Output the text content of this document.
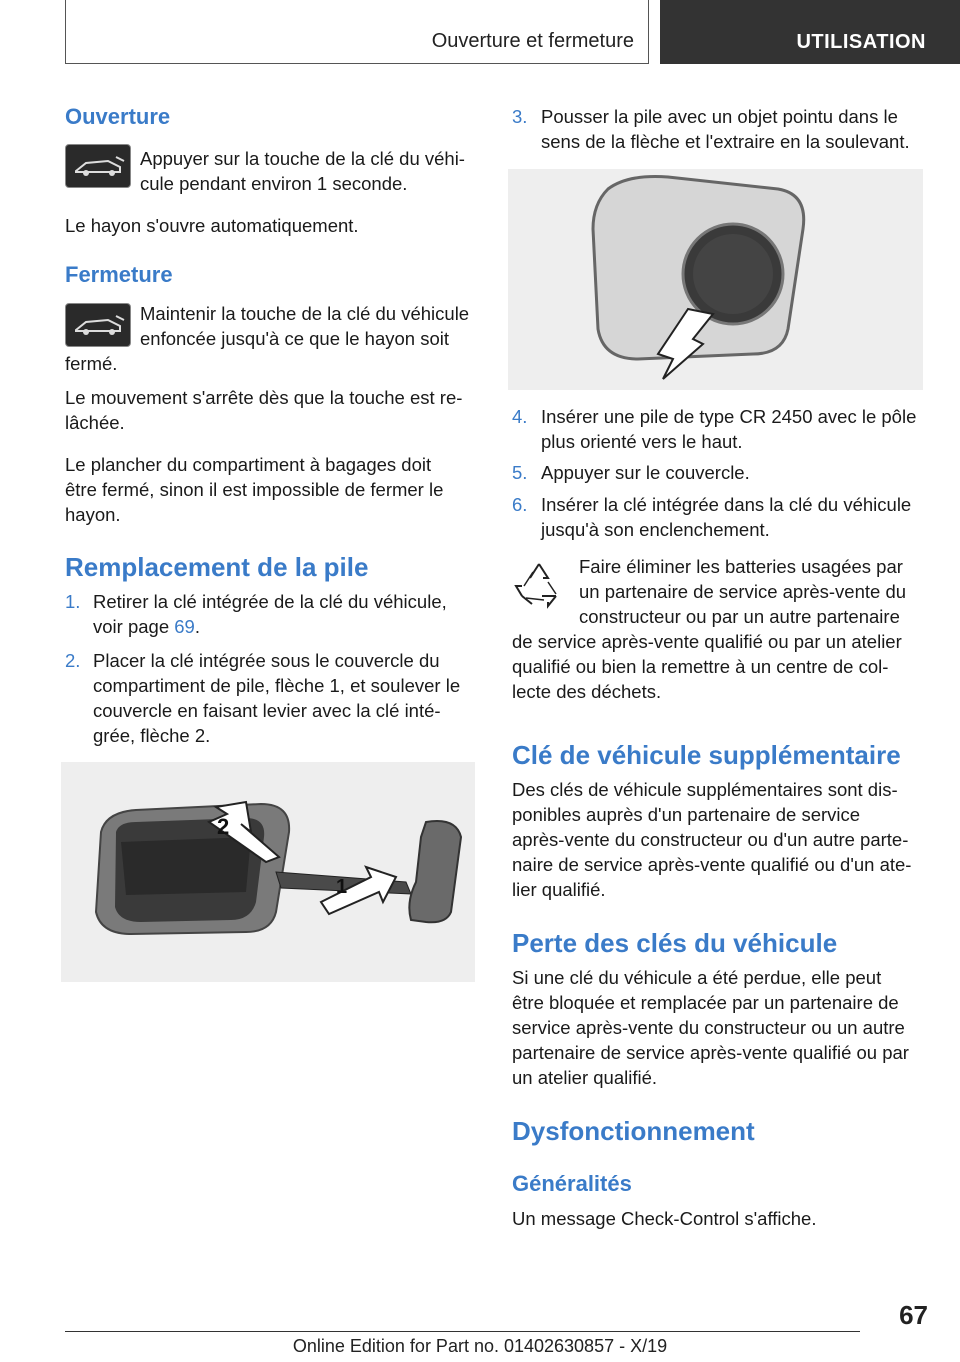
Ouverture et fermeture	UTILISATION
Ouverture
Appuyer sur la touche de la clé du véhi‐
cule pendant environ 1 seconde.
Le hayon s'ouvre automatiquement.
Fermeture
Maintenir la touche de la clé du véhicule
enfoncée jusqu'à ce que le hayon soit
fermé.
Le mouvement s'arrête dès que la touche est re‐
lâchée.
Le plancher du compartiment à bagages doit
être fermé, sinon il est impossible de fermer le
hayon.
Remplacement de la pile
1. Retirer la clé intégrée de la clé du véhicule,
voir page 69.
2. Placer la clé intégrée sous le couvercle du
compartiment de pile, flèche 1, et soulever le
couvercle en faisant levier avec la clé inté‐
grée, flèche 2.
2
1
3. Pousser la pile avec un objet pointu dans le
sens de la flèche et l'extraire en la soulevant.
4. Insérer une pile de type CR 2450 avec le pôle
plus orienté vers le haut.
5. Appuyer sur le couvercle.
6. Insérer la clé intégrée dans la clé du véhicule
jusqu'à son enclenchement.
Faire éliminer les batteries usagées par
un partenaire de service après-vente du
constructeur ou par un autre partenaire
de service après-vente qualifié ou par un atelier
qualifié ou bien la remettre à un centre de col‐
lecte des déchets.
Clé de véhicule supplémentaire
Des clés de véhicule supplémentaires sont dis‐
ponibles auprès d'un partenaire de service
après-vente du constructeur ou d'un autre parte‐
naire de service après-vente qualifié ou d'un ate‐
lier qualifié.
Perte des clés du véhicule
Si une clé du véhicule a été perdue, elle peut
être bloquée et remplacée par un partenaire de
service après-vente du constructeur ou un autre
partenaire de service après-vente qualifié ou par
un atelier qualifié.
Dysfonctionnement
Généralités
Un message Check-Control s'affiche.
67
Online Edition for Part no. 01402630857 - X/19
